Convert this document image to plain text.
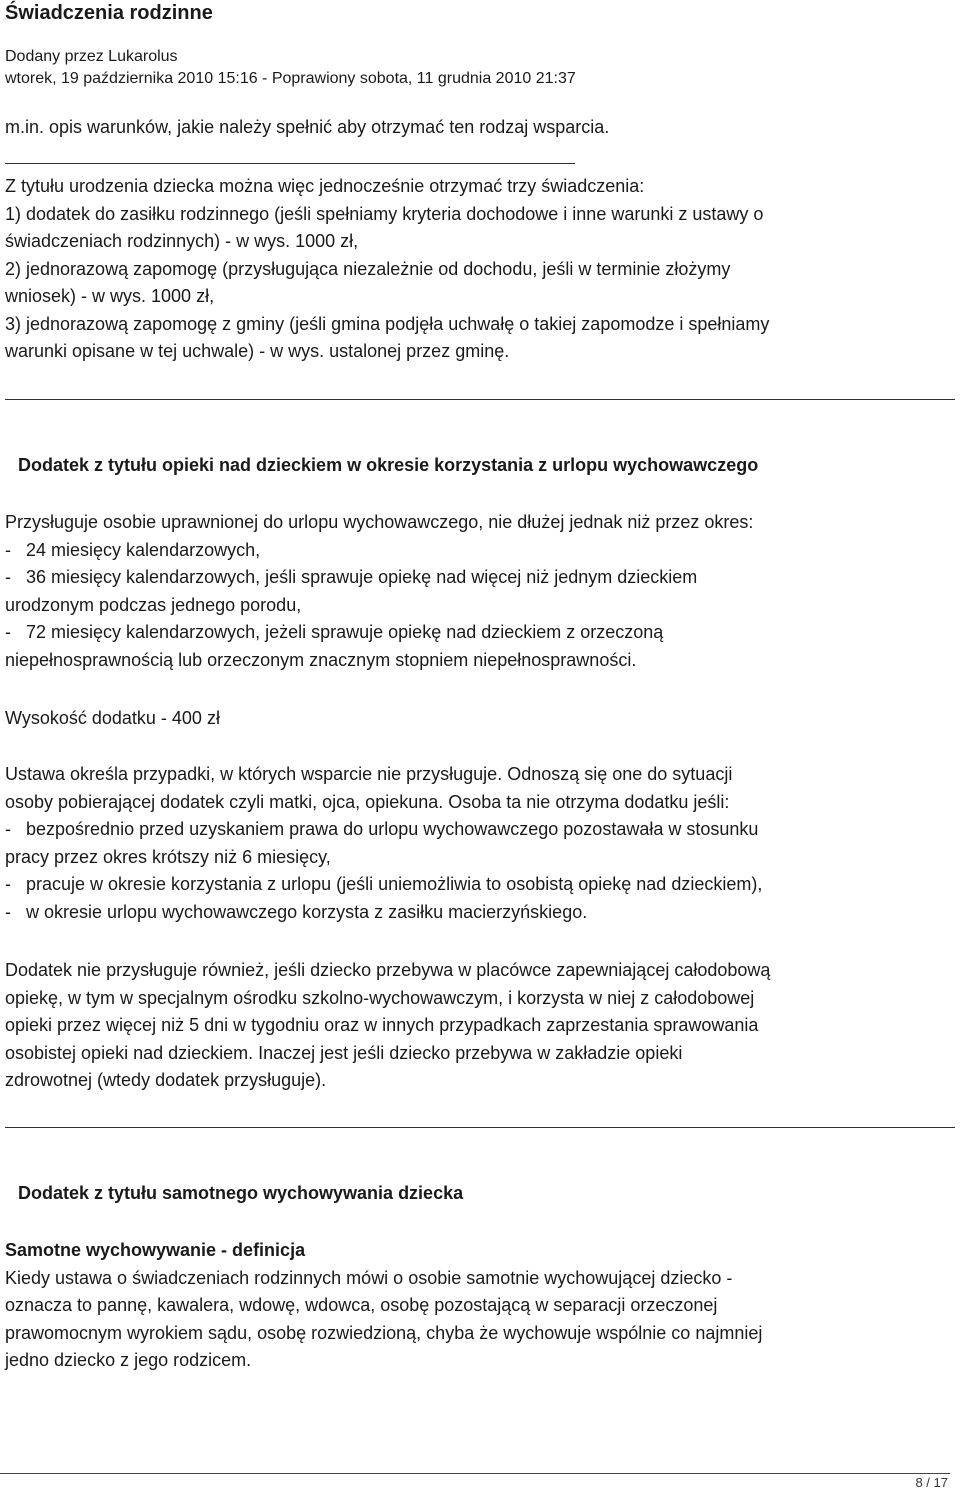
Świadczenia rodzinne
Dodany przez Lukarolus
wtorek, 19 października 2010 15:16 - Poprawiony sobota, 11 grudnia 2010 21:37
m.in. opis warunków, jakie należy spełnić aby otrzymać ten rodzaj wsparcia.
Z tytułu urodzenia dziecka można więc jednocześnie otrzymać trzy świadczenia:
1) dodatek do zasiłku rodzinnego (jeśli spełniamy kryteria dochodowe i inne warunki z ustawy o
świadczeniach rodzinnych) - w wys. 1000 zł,
2) jednorazową zapomogę (przysługująca niezależnie od dochodu, jeśli w terminie złożymy
wniosek) - w wys. 1000 zł,
3) jednorazową zapomogę z gminy (jeśli gmina podjęła uchwałę o takiej zapomodze i spełniamy
warunki opisane w tej uchwale) - w wys. ustalonej przez gminę.
Dodatek z tytułu opieki nad dzieckiem w okresie korzystania z urlopu wychowawczego
Przysługuje osobie uprawnionej do urlopu wychowawczego, nie dłużej jednak niż przez okres:
-   24 miesięcy kalendarzowych,
-   36 miesięcy kalendarzowych, jeśli sprawuje opiekę nad więcej niż jednym dzieckiem
urodzonym podczas jednego porodu,
-   72 miesięcy kalendarzowych, jeżeli sprawuje opiekę nad dzieckiem z orzeczoną
niepełnosprawnością lub orzeczonym znacznym stopniem niepełnosprawności.
Wysokość dodatku - 400 zł
Ustawa określa przypadki, w których wsparcie nie przysługuje. Odnoszą się one do sytuacji
osoby pobierającej dodatek czyli matki, ojca, opiekuna. Osoba ta nie otrzyma dodatku jeśli:
-   bezpośrednio przed uzyskaniem prawa do urlopu wychowawczego pozostawała w stosunku
pracy przez okres krótszy niż 6 miesięcy,
-   pracuje w okresie korzystania z urlopu (jeśli uniemożliwia to osobistą opiekę nad dzieckiem),
-   w okresie urlopu wychowawczego korzysta z zasiłku macierzyńskiego.
Dodatek nie przysługuje również, jeśli dziecko przebywa w placówce zapewniającej całodobową
opiekę, w tym w specjalnym ośrodku szkolno-wychowawczym, i korzysta w niej z całodobowej
opieki przez więcej niż 5 dni w tygodniu oraz w innych przypadkach zaprzestania sprawowania
osobistej opieki nad dzieckiem. Inaczej jest jeśli dziecko przebywa w zakładzie opieki
zdrowotnej (wtedy dodatek przysługuje).
Dodatek z tytułu samotnego wychowywania dziecka
Samotne wychowywanie - definicja
Kiedy ustawa o świadczeniach rodzinnych mówi o osobie samotnie wychowującej dziecko -
oznacza to pannę, kawalera, wdowę, wdowca, osobę pozostającą w separacji orzeczonej
prawomocnym wyrokiem sądu, osobę rozwiedzioną, chyba że wychowuje wspólnie co najmniej
jedno dziecko z jego rodzicem.
8 / 17
